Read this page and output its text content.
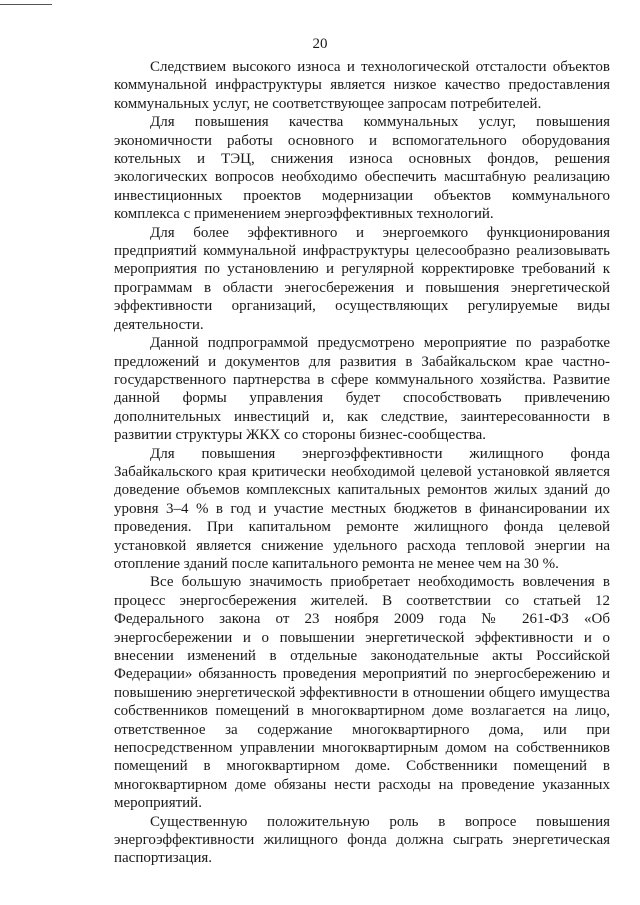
20

Следствием высокого износа и технологической отсталости объектов коммунальной инфраструктуры является низкое качество предоставления коммунальных услуг, не соответствующее запросам потребителей.

Для повышения качества коммунальных услуг, повышения экономичности работы основного и вспомогательного оборудования котельных и ТЭЦ, снижения износа основных фондов, решения экологических вопросов необходимо обеспечить масштабную реализацию инвестиционных проектов модернизации объектов коммунального комплекса с применением энергоэффективных технологий.

Для более эффективного и энергоемкого функционирования предприятий коммунальной инфраструктуры целесообразно реализовывать мероприятия по установлению и регулярной корректировке требований к программам в области энегосбережения и повышения энергетической эффективности организаций, осуществляющих регулируемые виды деятельности.

Данной подпрограммой предусмотрено мероприятие по разработке предложений и документов для развития в Забайкальском крае частно-государственного партнерства в сфере коммунального хозяйства. Развитие данной формы управления будет способствовать привлечению дополнительных инвестиций и, как следствие, заинтересованности в развитии структуры ЖКХ со стороны бизнес-сообщества.

Для повышения энергоэффективности жилищного фонда Забайкальского края критически необходимой целевой установкой является доведение объемов комплексных капитальных ремонтов жилых зданий до уровня 3–4 % в год и участие местных бюджетов в финансировании их проведения. При капитальном ремонте жилищного фонда целевой установкой является снижение удельного расхода тепловой энергии на отопление зданий после капитального ремонта не менее чем на 30 %.

Все большую значимость приобретает необходимость вовлечения в процесс энергосбережения жителей. В соответствии со статьей 12 Федерального закона от 23 ноября 2009 года № 261-ФЗ «Об энергосбережении и о повышении энергетической эффективности и о внесении изменений в отдельные законодательные акты Российской Федерации» обязанность проведения мероприятий по энергосбережению и повышению энергетической эффективности в отношении общего имущества собственников помещений в многоквартирном доме возлагается на лицо, ответственное за содержание многоквартирного дома, или при непосредственном управлении многоквартирным домом на собственников помещений в многоквартирном доме. Собственники помещений в многоквартирном доме обязаны нести расходы на проведение указанных мероприятий.

Существенную положительную роль в вопросе повышения энергоэффективности жилищного фонда должна сыграть энергетическая паспортизация.
